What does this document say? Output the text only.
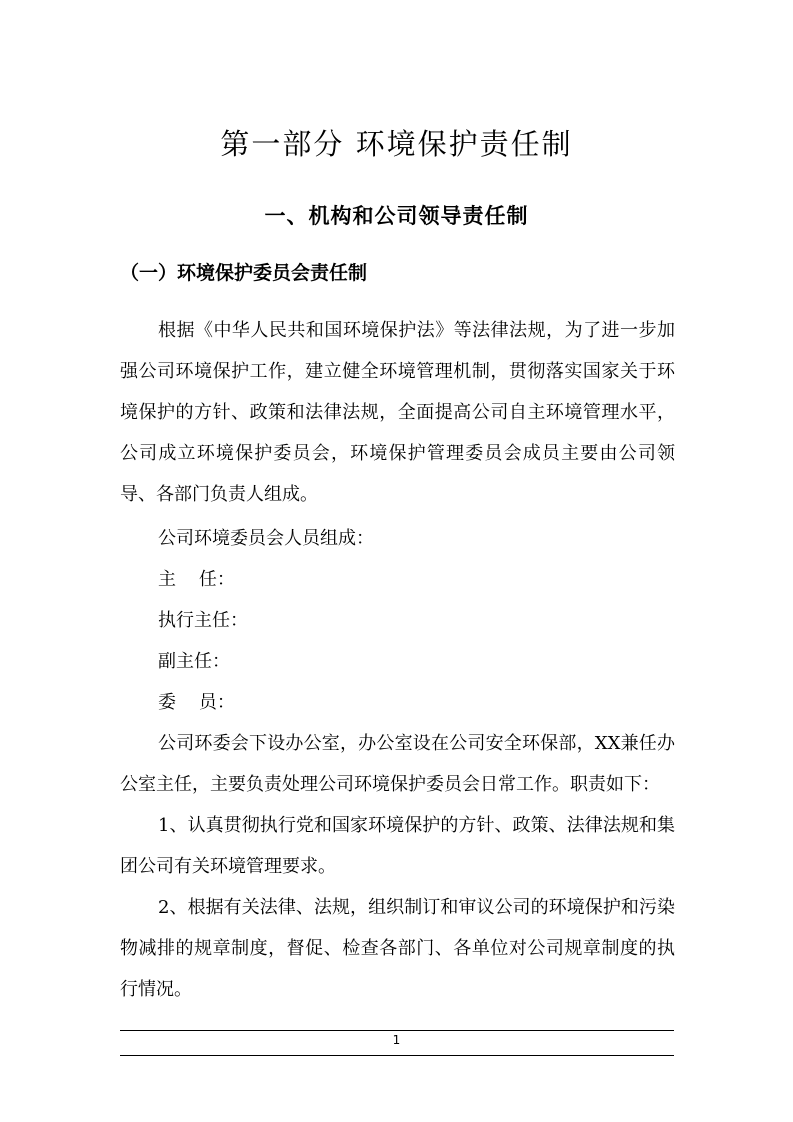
第一部分 环境保护责任制
一、机构和公司领导责任制
（一）环境保护委员会责任制

根据《中华人民共和国环境保护法》等法律法规，为了进一步加强公司环境保护工作，建立健全环境管理机制，贯彻落实国家关于环境保护的方针、政策和法律法规，全面提高公司自主环境管理水平，公司成立环境保护委员会，环境保护管理委员会成员主要由公司领导、各部门负责人组成。

公司环境委员会人员组成：

主    任：

执行主任：

副主任：

委    员：

公司环委会下设办公室，办公室设在公司安全环保部，XX兼任办公室主任，主要负责处理公司环境保护委员会日常工作。职责如下：

1、认真贯彻执行党和国家环境保护的方针、政策、法律法规和集团公司有关环境管理要求。

2、根据有关法律、法规，组织制订和审议公司的环境保护和污染物减排的规章制度，督促、检查各部门、各单位对公司规章制度的执行情况。

1
